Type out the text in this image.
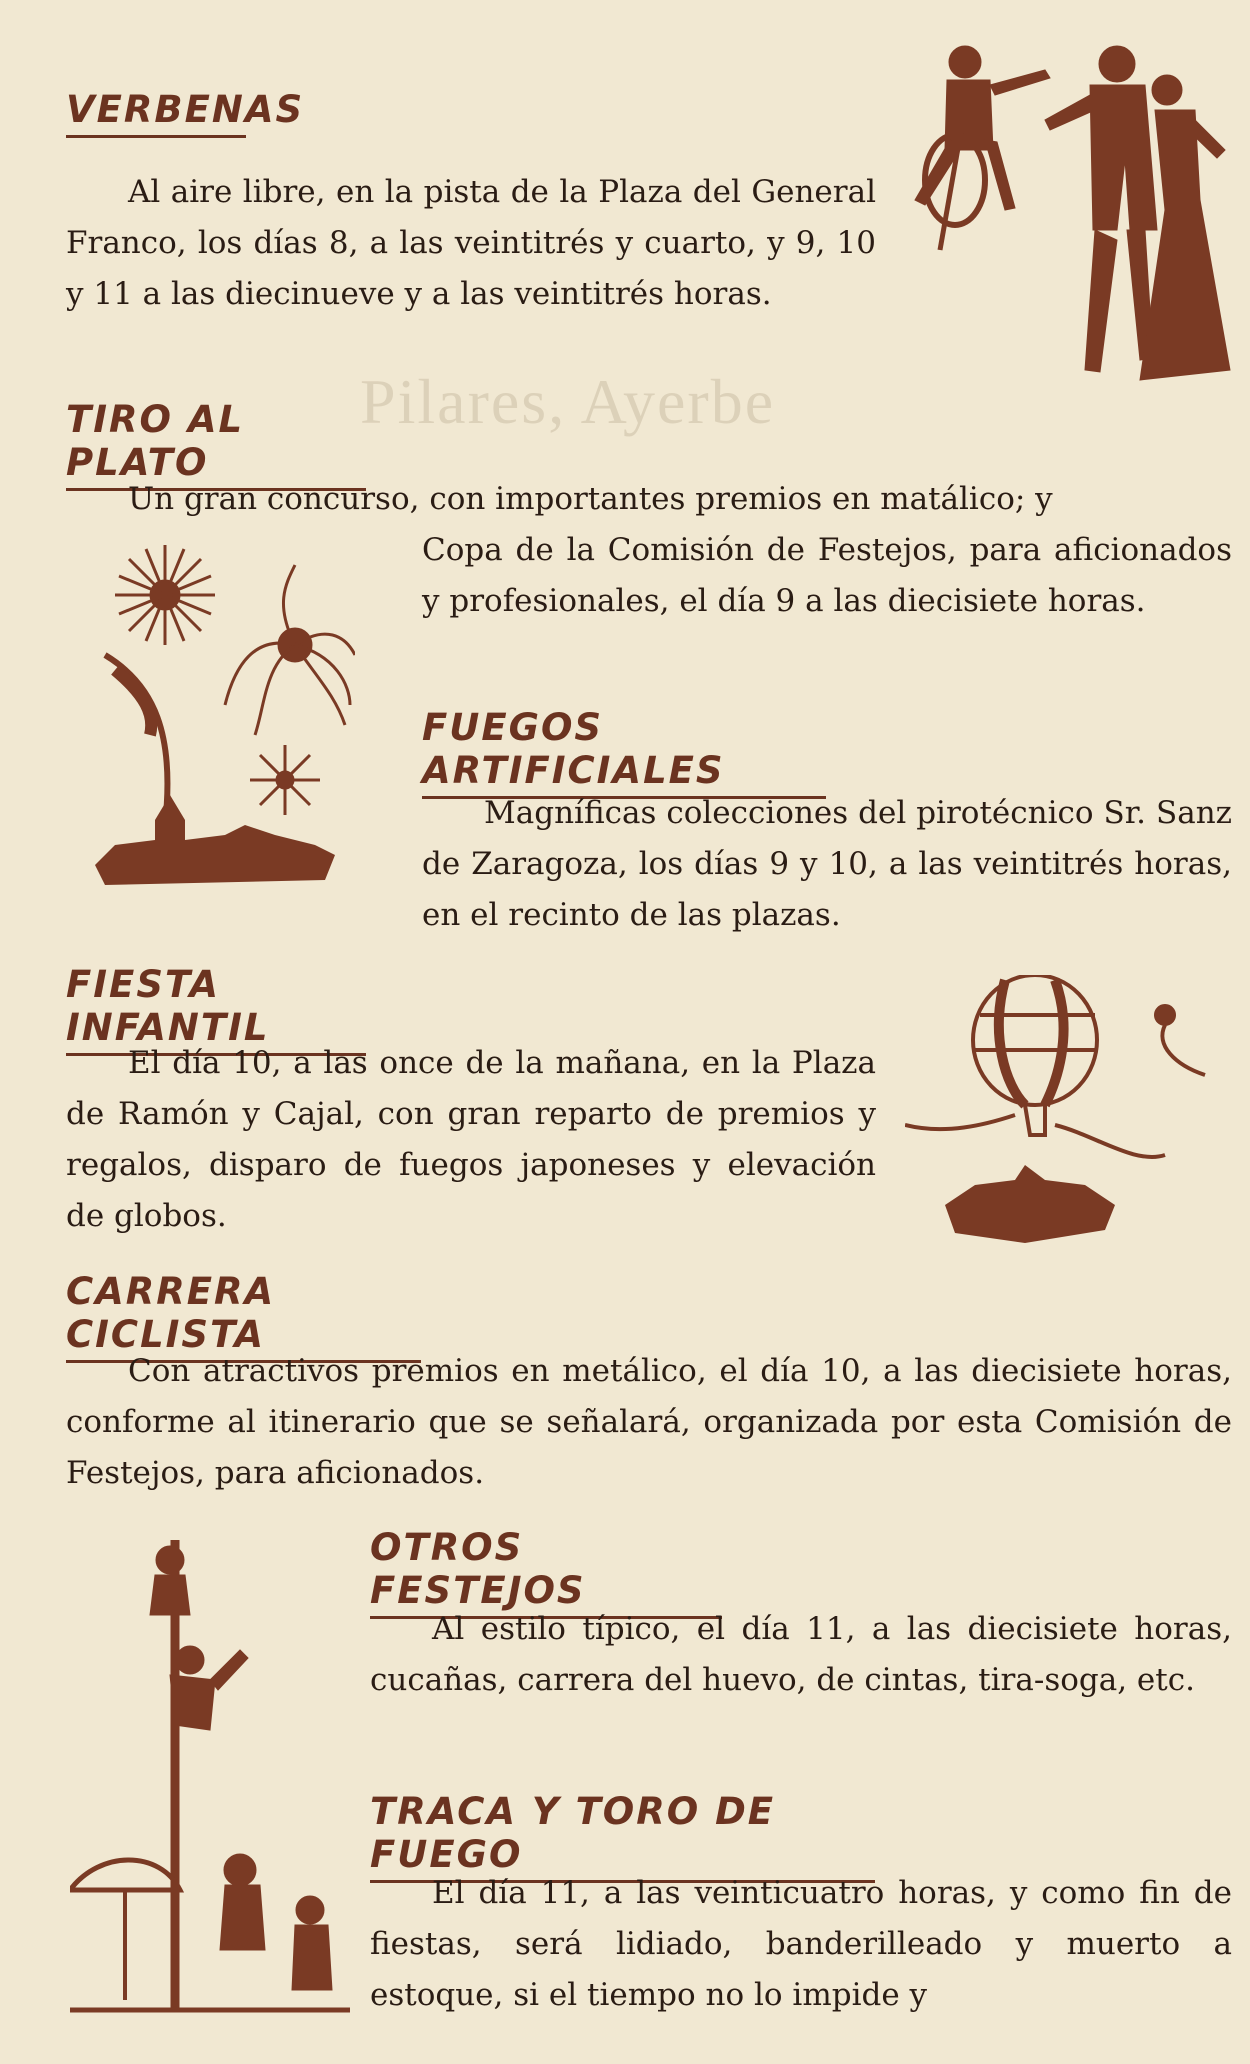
Pilares, Ayerbe
VERBENAS
Al aire libre, en la pista de la Plaza del General Franco, los días 8, a las veintitrés y cuarto, y 9, 10 y 11 a las diecinueve y a las veintitrés horas.
TIRO AL PLATO
Un gran concurso, con importantes premios en matálico; y
Copa de la Comisión de Festejos, para aficionados y profesionales, el día 9 a las diecisiete horas.
FUEGOS ARTIFICIALES
Magníficas colecciones del pirotécnico Sr. Sanz de Zaragoza, los días 9 y 10, a las veintitrés horas, en el recinto de las plazas.
FIESTA INFANTIL
El día 10, a las once de la mañana, en la Plaza de Ramón y Cajal, con gran reparto de premios y regalos, disparo de fuegos japoneses y elevación de globos.
CARRERA CICLISTA
Con atractivos premios en metálico, el día 10, a las diecisiete horas, conforme al itinerario que se señalará, organizada por esta Comisión de Festejos, para aficionados.
OTROS FESTEJOS
Al estilo típico, el día 11, a las diecisiete horas, cucañas, carrera del huevo, de cintas, tira-soga, etc.
TRACA Y TORO DE FUEGO
El día 11, a las veinticuatro horas, y como fin de fiestas, será lidiado, banderilleado y muerto a estoque, si el tiempo no lo impide y
